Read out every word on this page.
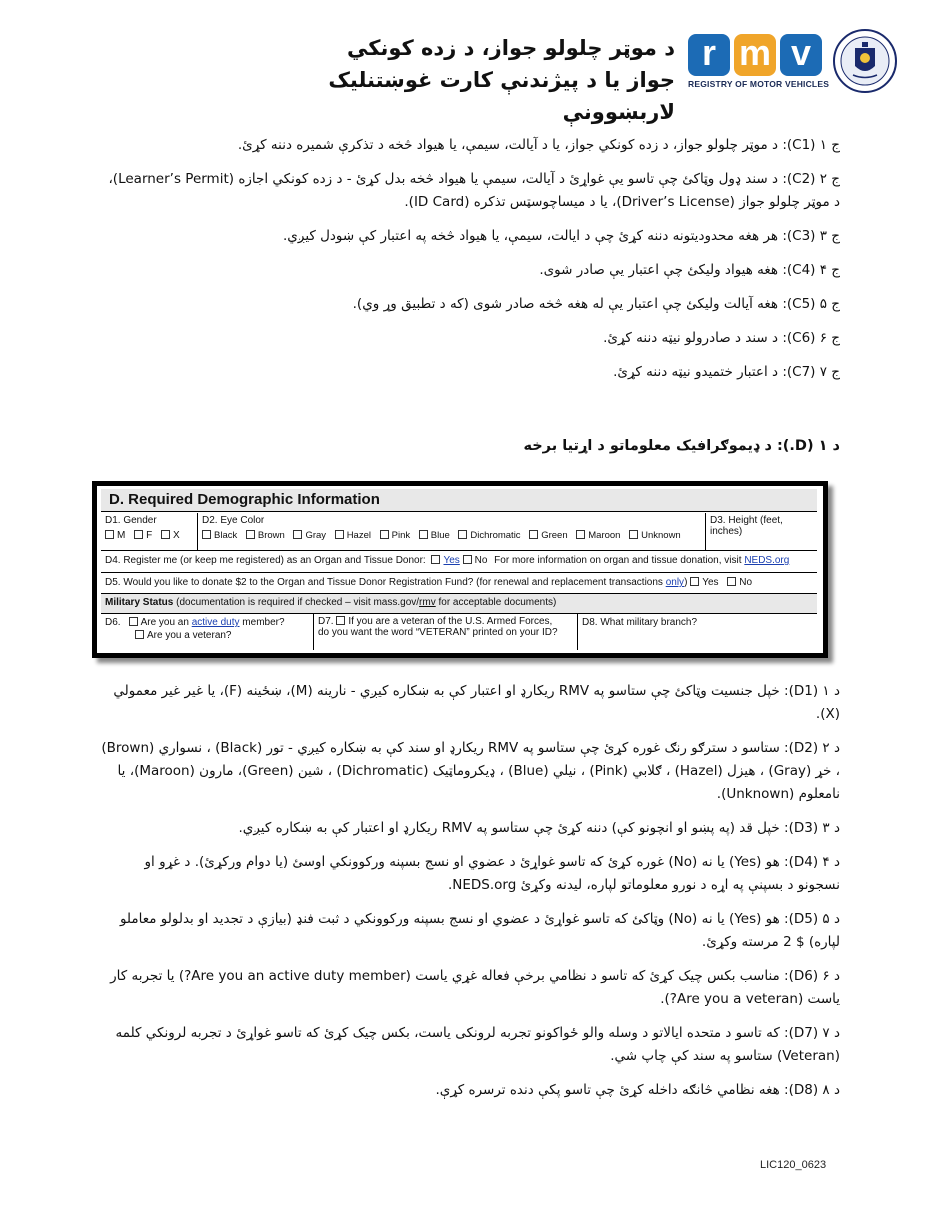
د موټر چلولو جواز، د زده کونکي جواز یا د پیژندنې کارت غوښتنلیک لاربښوونې
r m v
REGISTRY OF MOTOR VEHICLES
ج ۱ (C1): د موټر چلولو جواز، د زده کونکي جواز، یا د آیالت، سیمې، یا هیواد څخه د تذکرې شمیره دننه کړئ.
ج ۲ (C2): د سند ډول وټاکئ چې تاسو یې غواړئ د آیالت، سیمې یا هیواد څخه بدل کړئ - د زده کونکي اجازه (Learner’s Permit)، د موټر چلولو جواز (Driver’s License)، یا د میساچوسټس تذکره (ID Card).
ج ۳ (C3): هر هغه محدودیتونه دننه کړئ چې د ایالت، سیمې، یا هیواد څخه په اعتبار کې ښودل کیږي.
ج ۴ (C4): هغه هیواد ولیکئ چې اعتبار یې صادر شوی.
ج ۵ (C5): هغه آیالت ولیکئ چې اعتبار یې له هغه څخه صادر شوی (که د تطبیق وړ وي).
ج ۶ (C6): د سند د صادرولو نیټه دننه کړئ.
ج ۷ (C7): د اعتبار ختمیدو نیټه دننه کړئ.
د ۱ (D.): د ډیموګرافیک معلوماتو د اړتیا برخه
D. Required Demographic Information
D1. Gender
M F X
D2. Eye Color
Black Brown Gray Hazel Pink Blue Dichromatic Green Maroon Unknown
D3. Height (feet, inches)
D4. Register me (or keep me registered) as an Organ and Tissue Donor: Yes No For more information on organ and tissue donation, visit NEDS.org
D5. Would you like to donate $2 to the Organ and Tissue Donor Registration Fund? (for renewal and replacement transactions only) Yes No
Military Status (documentation is required if checked – visit mass.gov/rmv for acceptable documents)
D6. Are you an active duty member?
Are you a veteran?
D7. If you are a veteran of the U.S. Armed Forces,
do you want the word “VETERAN” printed on your ID?
D8. What military branch?
د ۱ (D1): خپل جنسیت وټاکئ چې ستاسو په RMV ریکارډ او اعتبار کې به ښکاره کیږي - نارینه (M)، ښځینه (F)، یا غیر غیر معمولي (X).
د ۲ (D2): ستاسو د سترګو رنګ غوره کړئ چې ستاسو په RMV ریکارډ او سند کې به ښکاره کیږي - تور (Black) ، نسواري (Brown) ، خړ (Gray) ، هیزل (Hazel) ، ګلابي (Pink) ، نیلي (Blue) ، ډیکروماټیک (Dichromatic) ، شین (Green)، مارون (Maroon)، یا نامعلوم (Unknown).
د ۳ (D3): خپل قد (په پښو او انچونو کې) دننه کړئ چې ستاسو په RMV ریکارډ او اعتبار کې به ښکاره کیږي.
د ۴ (D4): هو (Yes) یا نه (No) غوره کړئ که تاسو غواړئ د عضوي او نسج بسپنه ورکوونکي اوسئ (یا دوام ورکړئ). د غړو او نسجونو د بسپنې په اړه د نورو معلوماتو لپاره، لیدنه وکړئ NEDS.org.
د ۵ (D5): هو (Yes) یا نه (No) وټاکئ که تاسو غواړئ د عضوي او نسج بسپنه ورکوونکي د ثبت فنډ (بیازې د تجدید او بدلولو معاملو لپاره) $ 2 مرسته وکړئ.
د ۶ (D6): مناسب بکس چیک کړئ که تاسو د نظامي برخې فعاله غړي یاست (Are you an active duty member?) یا تجربه کار یاست (Are you a veteran?).
د ۷ (D7): که تاسو د متحده ایالاتو د وسله والو ځواکونو تجربه لرونکی یاست، بکس چیک کړئ که تاسو غواړئ د تجربه لرونکي کلمه (Veteran) ستاسو په سند کې چاپ شي.
د ۸ (D8): هغه نظامي څانګه داخله کړئ چې تاسو پکې دنده ترسره کړې.
LIC120_0623
